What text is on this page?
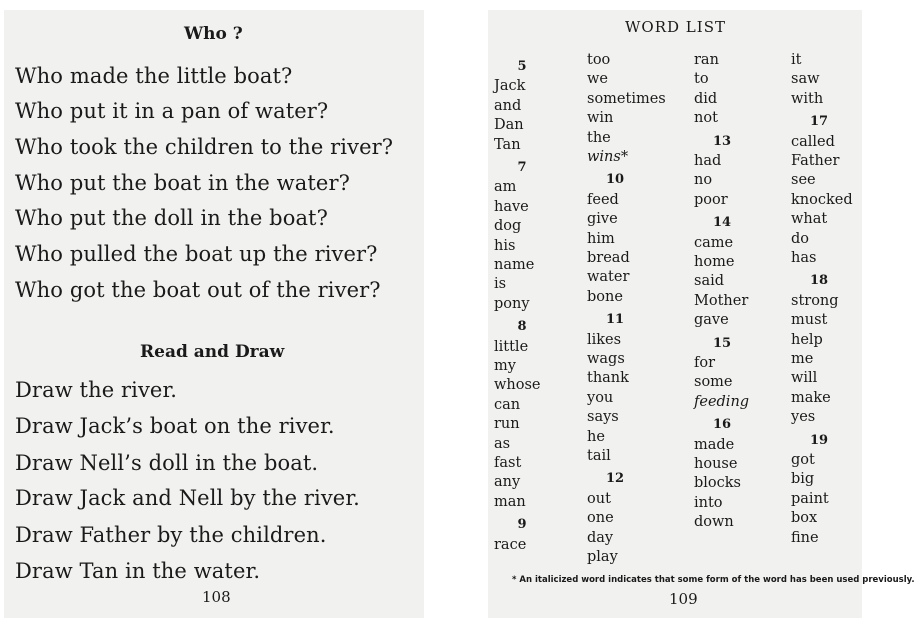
Who ?
Who made the little boat?
Who put it in a pan of water?
Who took the children to the river?
Who put the boat in the water?
Who put the doll in the boat?
Who pulled the boat up the river?
Who got the boat out of the river?
Read and Draw
Draw the river.
Draw Jack’s boat on the river.
Draw Nell’s doll in the boat.
Draw Jack and Nell by the river.
Draw Father by the children.
Draw Tan in the water.
108
WORD LIST
5
Jack
and
Dan
Tan
7
am
have
dog
his
name
is
pony
8
little
my
whose
can
run
as
fast
any
man
9
race
too
we
sometimes
win
the
wins*
10
feed
give
him
bread
water
bone
11
likes
wags
thank
you
says
he
tail
12
out
one
day
play
ran
to
did
not
13
had
no
poor
14
came
home
said
Mother
gave
15
for
some
feeding
16
made
house
blocks
into
down
it
saw
with
17
called
Father
see
knocked
what
do
has
18
strong
must
help
me
will
make
yes
19
got
big
paint
box
fine
* An italicized word indicates that some form of the word has been used previously.
109
